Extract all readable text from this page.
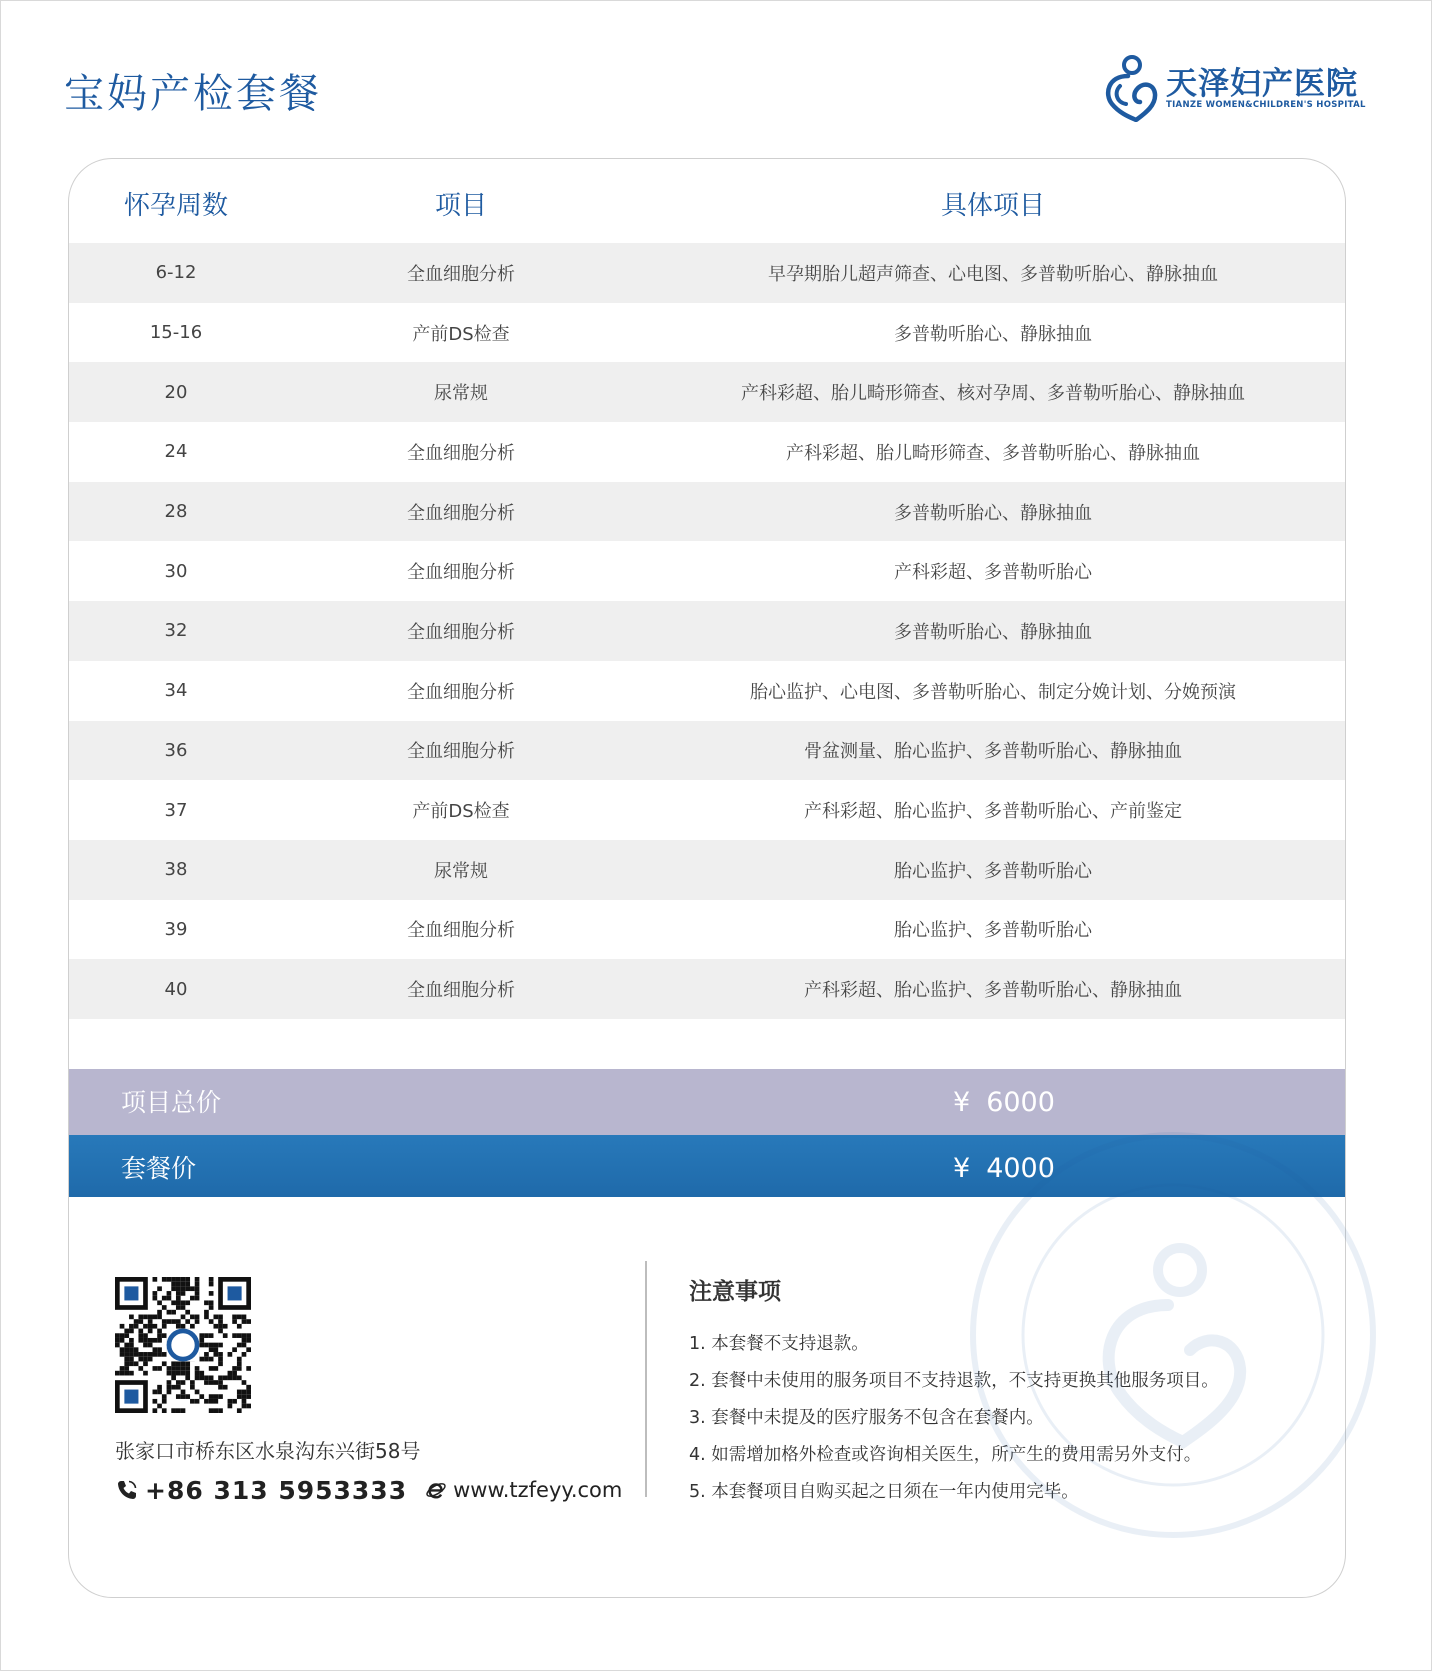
宝妈产检套餐	天泽妇产医院
TIANZE WOMEN&CHILDREN'S HOSPITAL
怀孕周数	项目	具体项目
6-12	全血细胞分析	早孕期胎儿超声筛查、心电图、多普勒听胎心、静脉抽血
15-16	产前DS检查	多普勒听胎心、静脉抽血
20	尿常规	产科彩超、胎儿畸形筛查、核对孕周、多普勒听胎心、静脉抽血
24	全血细胞分析	产科彩超、胎儿畸形筛查、多普勒听胎心、静脉抽血
28	全血细胞分析	多普勒听胎心、静脉抽血
30	全血细胞分析	产科彩超、多普勒听胎心
32	全血细胞分析	多普勒听胎心、静脉抽血
34	全血细胞分析	胎心监护、心电图、多普勒听胎心、制定分娩计划、分娩预演
36	全血细胞分析	骨盆测量、胎心监护、多普勒听胎心、静脉抽血
37	产前DS检查	产科彩超、胎心监护、多普勒听胎心、产前鉴定
38	尿常规	胎心监护、多普勒听胎心
39	全血细胞分析	胎心监护、多普勒听胎心
40	全血细胞分析	产科彩超、胎心监护、多普勒听胎心、静脉抽血
项目总价	¥ 6000
套餐价	¥ 4000
张家口市桥东区水泉沟东兴街58号
+86 313 5953333 www.tzfeyy.com
注意事项
1. 本套餐不支持退款。
2. 套餐中未使用的服务项目不支持退款，不支持更换其他服务项目。
3. 套餐中未提及的医疗服务不包含在套餐内。
4. 如需增加格外检查或咨询相关医生，所产生的费用需另外支付。
5. 本套餐项目自购买起之日须在一年内使用完毕。
